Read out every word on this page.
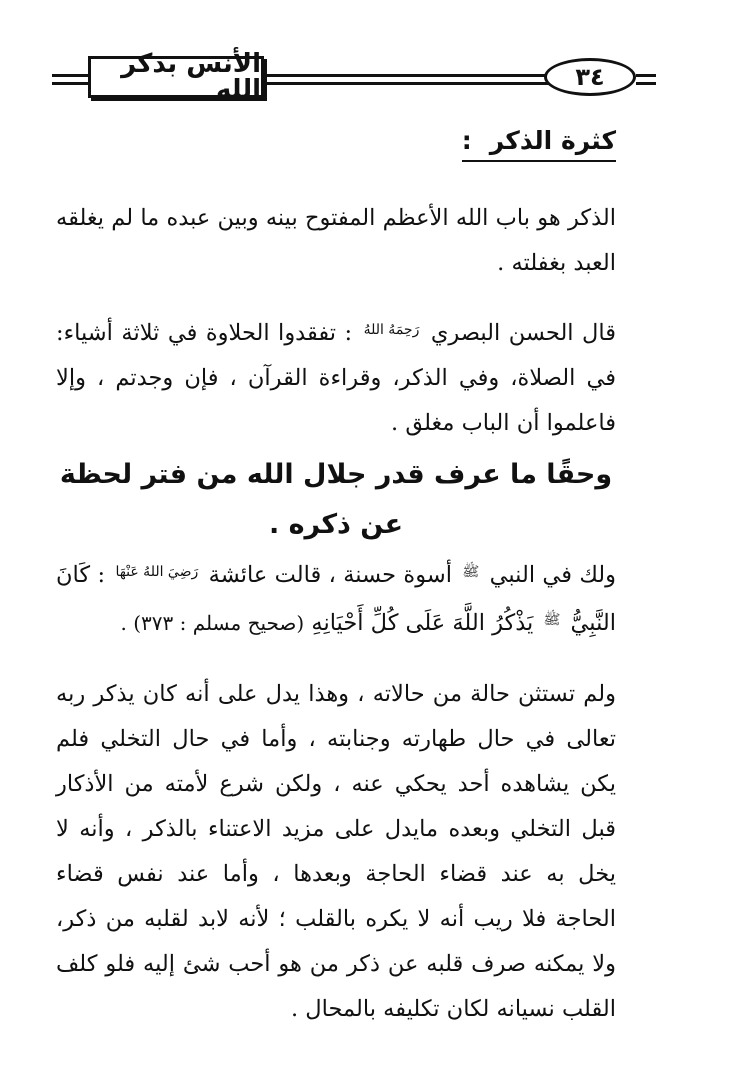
الأنس بذكر الله	٣٤
كثرة الذكر:

الذكر هو باب الله الأعظم المفتوح بينه وبين عبده ما لم يغلقه العبد بغفلته .

قال الحسن البصري رَحِمَهُ اللهُ : تفقدوا الحلاوة في ثلاثة أشياء: في الصلاة، وفي الذكر، وقراءة القرآن ، فإن وجدتم ، وإلا فاعلموا أن الباب مغلق .

وحقًا ما عرف قدر جلال الله من فتر لحظة عن ذكره .

ولك في النبي ﷺ أسوة حسنة ، قالت عائشة رَضِيَ اللهُ عَنْهَا : كَانَ النَّبِيُّ ﷺ يَذْكُرُ اللَّهَ عَلَى كُلِّ أَحْيَانِهِ (صحيح مسلم : ٣٧٣) .

ولم تستثن حالة من حالاته ، وهذا يدل على أنه كان يذكر ربه تعالى في حال طهارته وجنابته ، وأما في حال التخلي فلم يكن يشاهده أحد يحكي عنه ، ولكن شرع لأمته من الأذكار قبل التخلي وبعده مايدل على مزيد الاعتناء بالذكر ، وأنه لا يخل به عند قضاء الحاجة وبعدها ، وأما عند نفس قضاء الحاجة فلا ريب أنه لا يكره بالقلب ؛ لأنه لابد لقلبه من ذكر، ولا يمكنه صرف قلبه عن ذكر من هو أحب شئ إليه فلو كلف القلب نسيانه لكان تكليفه بالمحال .
